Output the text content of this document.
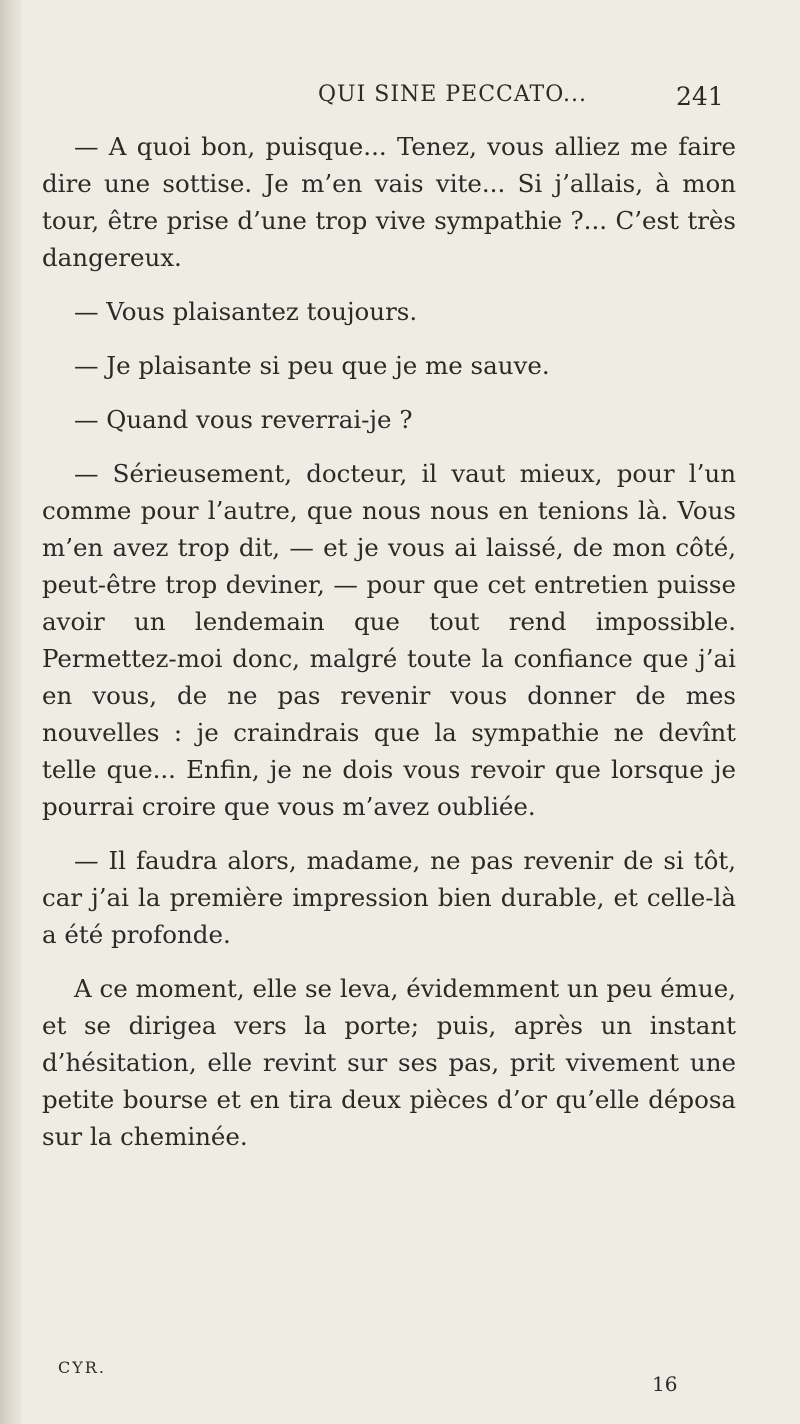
QUI SINE PECCATO...	241

— A quoi bon, puisque... Tenez, vous alliez me faire dire une sottise. Je m’en vais vite... Si j’allais, à mon tour, être prise d’une trop vive sympathie ?... C’est très dangereux.

— Vous plaisantez toujours.

— Je plaisante si peu que je me sauve.

— Quand vous reverrai-je ?

— Sérieusement, docteur, il vaut mieux, pour l’un comme pour l’autre, que nous nous en tenions là. Vous m’en avez trop dit, — et je vous ai laissé, de mon côté, peut-être trop deviner, — pour que cet entretien puisse avoir un lendemain que tout rend impossible. Permettez-moi donc, malgré toute la confiance que j’ai en vous, de ne pas revenir vous donner de mes nouvelles : je craindrais que la sympathie ne devînt telle que... Enfin, je ne dois vous revoir que lorsque je pourrai croire que vous m’avez oubliée.

— Il faudra alors, madame, ne pas revenir de si tôt, car j’ai la première impression bien durable, et celle-là a été profonde.

A ce moment, elle se leva, évidemment un peu émue, et se dirigea vers la porte; puis, après un instant d’hésitation, elle revint sur ses pas, prit vivement une petite bourse et en tira deux pièces d’or qu’elle déposa sur la cheminée.

CYR.
16
